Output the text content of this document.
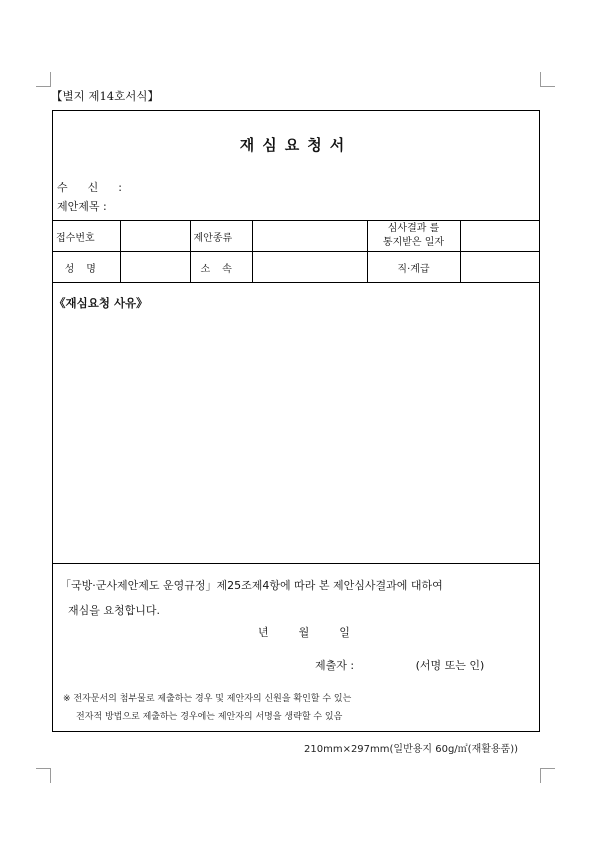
【별지 제14호서식】
재심요청서
수신:
제안제목 :
접수번호		제안종류		심사결과 를
통지받은 일자	

성명		소속		직·계급	
《재심요청 사유》
「국방·군사제안제도 운영규정」제25조제4항에 따라 본 제안심사결과에 대하여
재심을 요청합니다.
년	월	일
제출자 :	(서명 또는 인)
※ 전자문서의 첨부물로 제출하는 경우 및 제안자의 신원을 확인할 수 있는
전자적 방법으로 제출하는 경우에는 제안자의 서명을 생략할 수 있음
210mm×297mm(일반용지 60g/㎡(재활용품))
